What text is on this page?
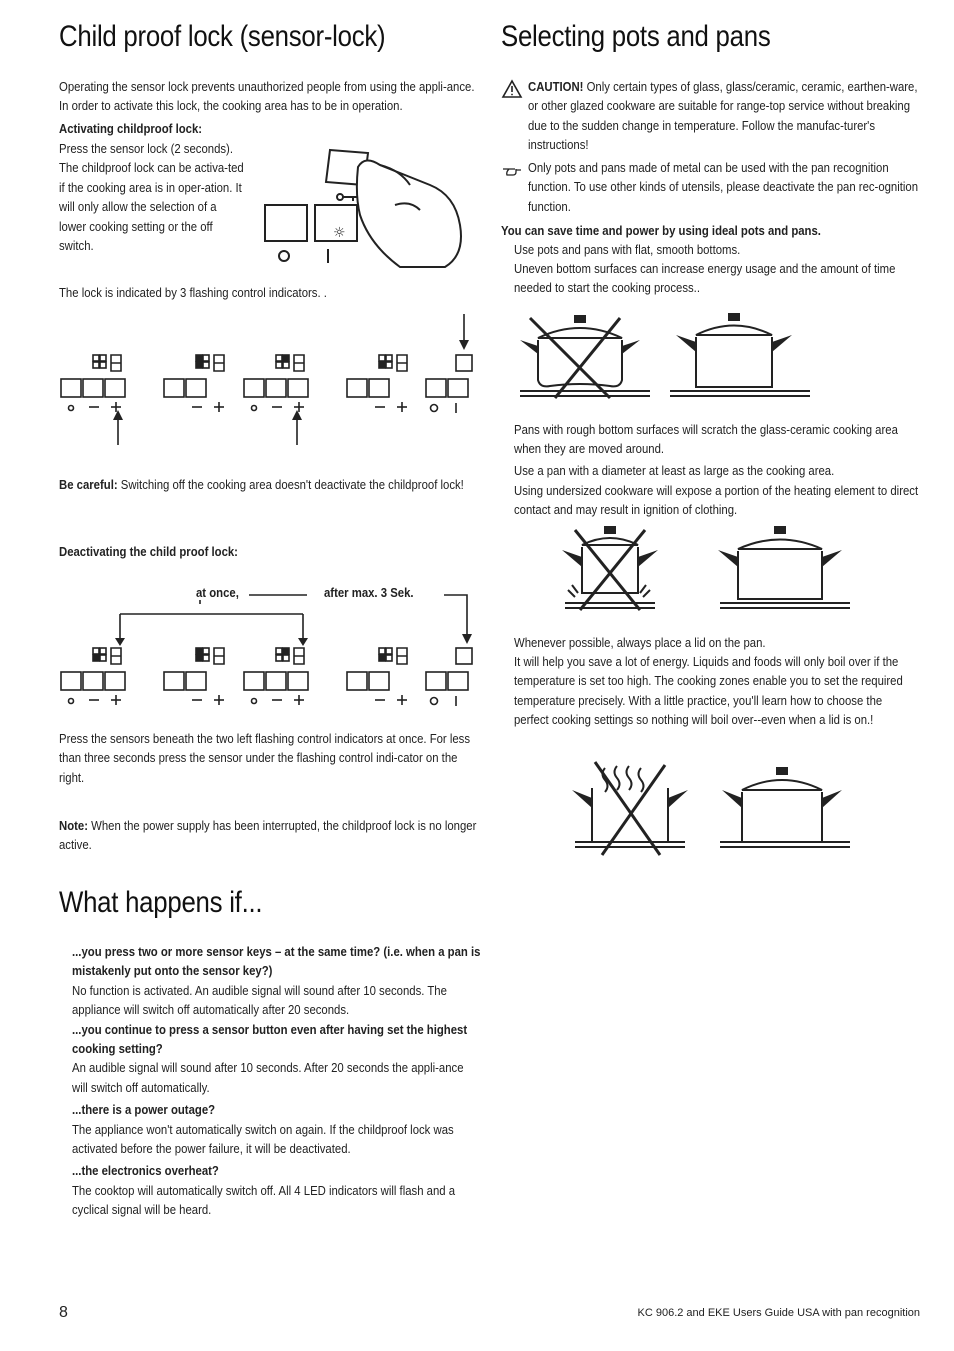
Child proof lock (sensor-lock)
Operating the sensor lock prevents unauthorized people from using the appli-ance. In order to activate this lock, the cooking area has to be in operation.
Activating childproof lock:
Press the sensor lock (2 seconds). The childproof lock can be activa-ted if the cooking area is in oper-ation. It will only allow the selection of a lower cooking setting or the off switch.
☼
The lock is indicated by 3 flashing control indicators. .
Be careful: Switching off the cooking area doesn't deactivate the childproof lock!
Deactivating the child proof lock:
at once,	after max. 3 Sek.
Press the sensors beneath the two left flashing control indicators at once. For less than three seconds press the sensor under the flashing control indi-cator on the right.
Note: When the power supply has been interrupted, the childproof lock is no longer active.
What happens if...
...you press two or more sensor keys – at the same time? (i.e. when a pan is mistakenly put onto the sensor key?)
No function is activated. An audible signal will sound after 10 seconds. The appliance will switch off automatically after 20 seconds.
...you continue to press a sensor button even after having set the highest cooking setting?
An audible signal will sound after 10 seconds. After 20 seconds the appli-ance will switch off automatically.
...there is a power outage?
The appliance won't automatically switch on again. If the childproof lock was activated before the power failure, it will be deactivated.
...the electronics overheat?
The cooktop will automatically switch off. All 4 LED indicators will flash and a cyclical signal will be heard.
Selecting pots and pans
CAUTION! Only certain types of glass, glass/ceramic, ceramic, earthen-ware, or other glazed cookware are suitable for range-top service without breaking due to the sudden change in temperature. Follow the manufac-turer's instructions!
Only pots and pans made of metal can be used with the pan recognition function. To use other kinds of utensils, please deactivate the pan rec-ognition function.
You can save time and power by using ideal pots and pans.
Use pots and pans with flat, smooth bottoms.
Uneven bottom surfaces can increase energy usage and the amount of time needed to start the cooking process..
Pans with rough bottom surfaces will scratch the glass-ceramic cooking area when they are moved around.
Use a pan with a diameter at least as large as the cooking area.
Using undersized cookware will expose a portion of the heating element to direct contact and may result in ignition of clothing.
Whenever possible, always place a lid on the pan.
It will help you save a lot of energy. Liquids and foods will only boil over if the temperature is set too high. The cooking zones enable you to set the required temperature precisely. With a little practice, you'll learn how to choose the perfect cooking settings so nothing will boil over--even when a lid is on.!
8	KC 906.2 and EKE Users Guide USA with pan recognition
